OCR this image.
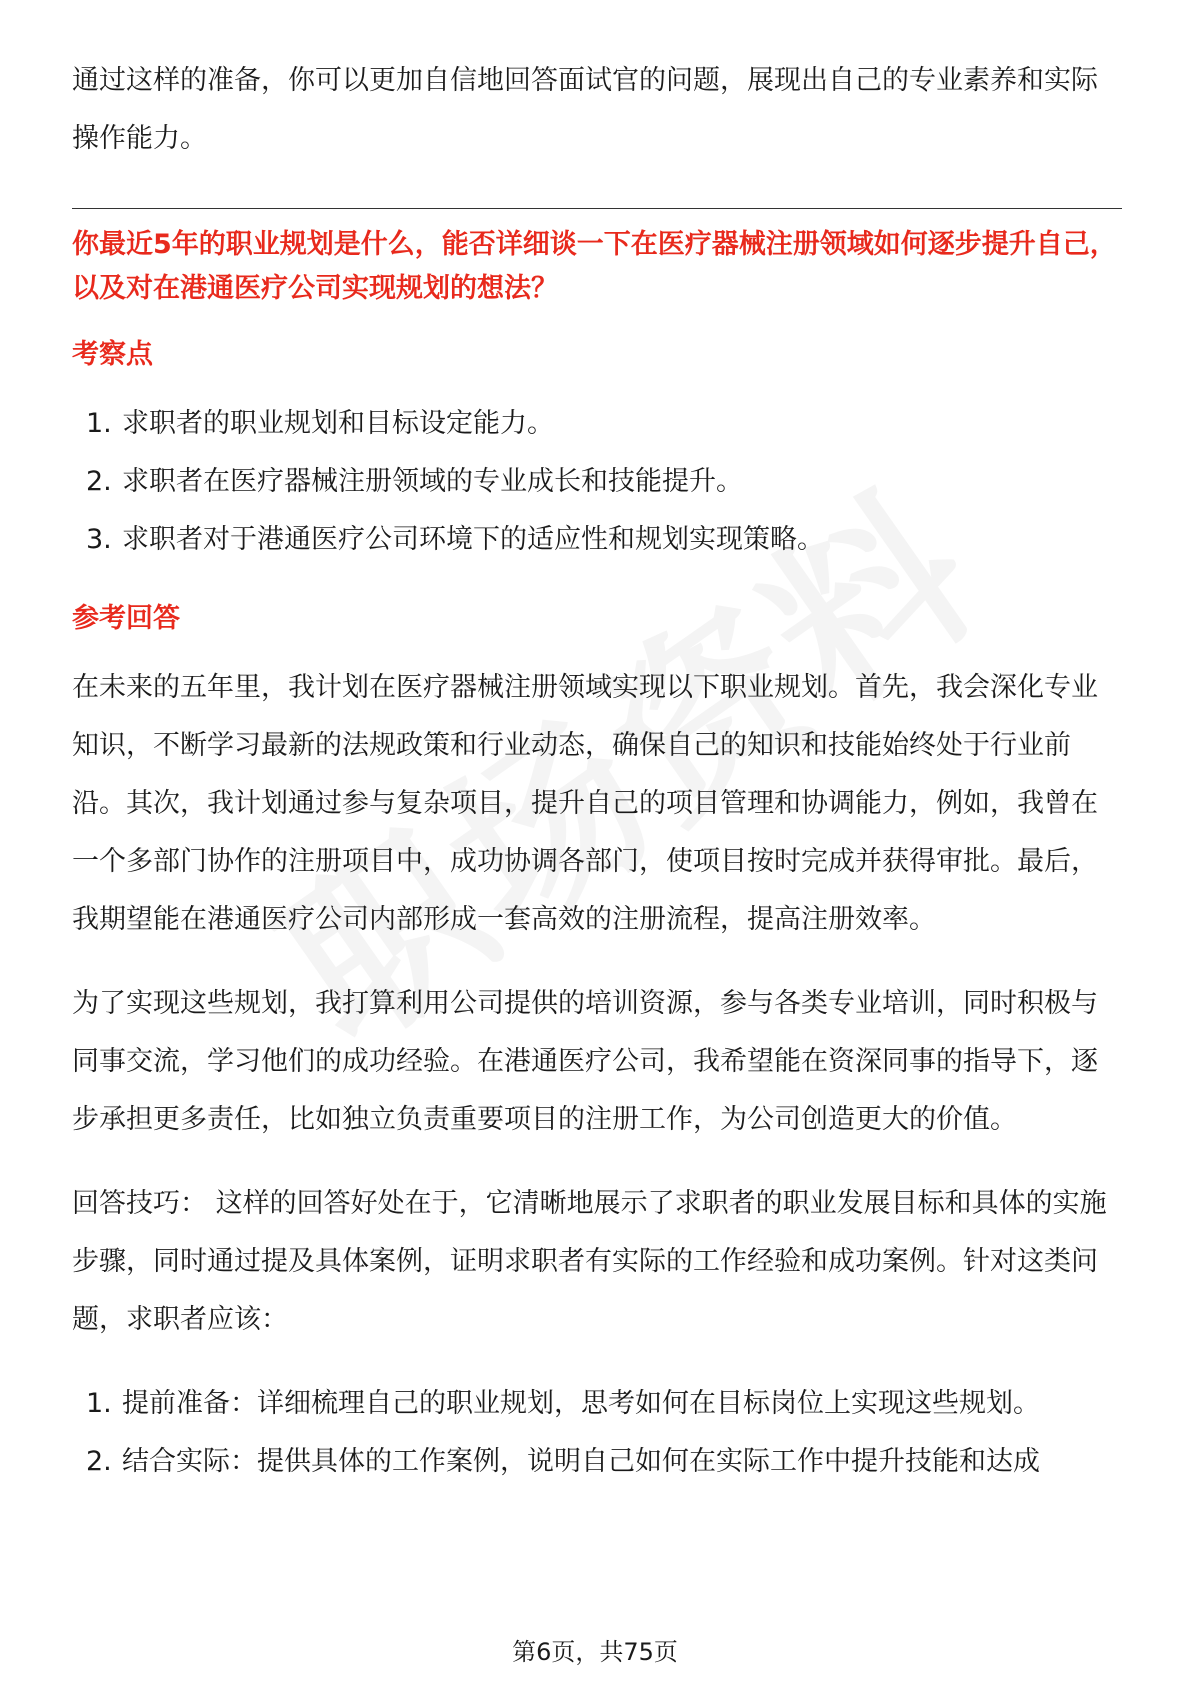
通过这样的准备，你可以更加自信地回答面试官的问题，展现出自己的专业素养和实际操作能力。

你最近5年的职业规划是什么，能否详细谈一下在医疗器械注册领域如何逐步提升自己，以及对在港通医疗公司实现规划的想法？
考察点
1. 求职者的职业规划和目标设定能力。
2. 求职者在医疗器械注册领域的专业成长和技能提升。
3. 求职者对于港通医疗公司环境下的适应性和规划实现策略。
参考回答

在未来的五年里，我计划在医疗器械注册领域实现以下职业规划。首先，我会深化专业知识，不断学习最新的法规政策和行业动态，确保自己的知识和技能始终处于行业前沿。其次，我计划通过参与复杂项目，提升自己的项目管理和协调能力，例如，我曾在一个多部门协作的注册项目中，成功协调各部门，使项目按时完成并获得审批。最后，我期望能在港通医疗公司内部形成一套高效的注册流程，提高注册效率。

为了实现这些规划，我打算利用公司提供的培训资源，参与各类专业培训，同时积极与同事交流，学习他们的成功经验。在港通医疗公司，我希望能在资深同事的指导下，逐步承担更多责任，比如独立负责重要项目的注册工作，为公司创造更大的价值。

回答技巧： 这样的回答好处在于，它清晰地展示了求职者的职业发展目标和具体的实施步骤，同时通过提及具体案例，证明求职者有实际的工作经验和成功案例。针对这类问题，求职者应该：

1. 提前准备：详细梳理自己的职业规划，思考如何在目标岗位上实现这些规划。
2. 结合实际：提供具体的工作案例，说明自己如何在实际工作中提升技能和达成
第6页，共75页
